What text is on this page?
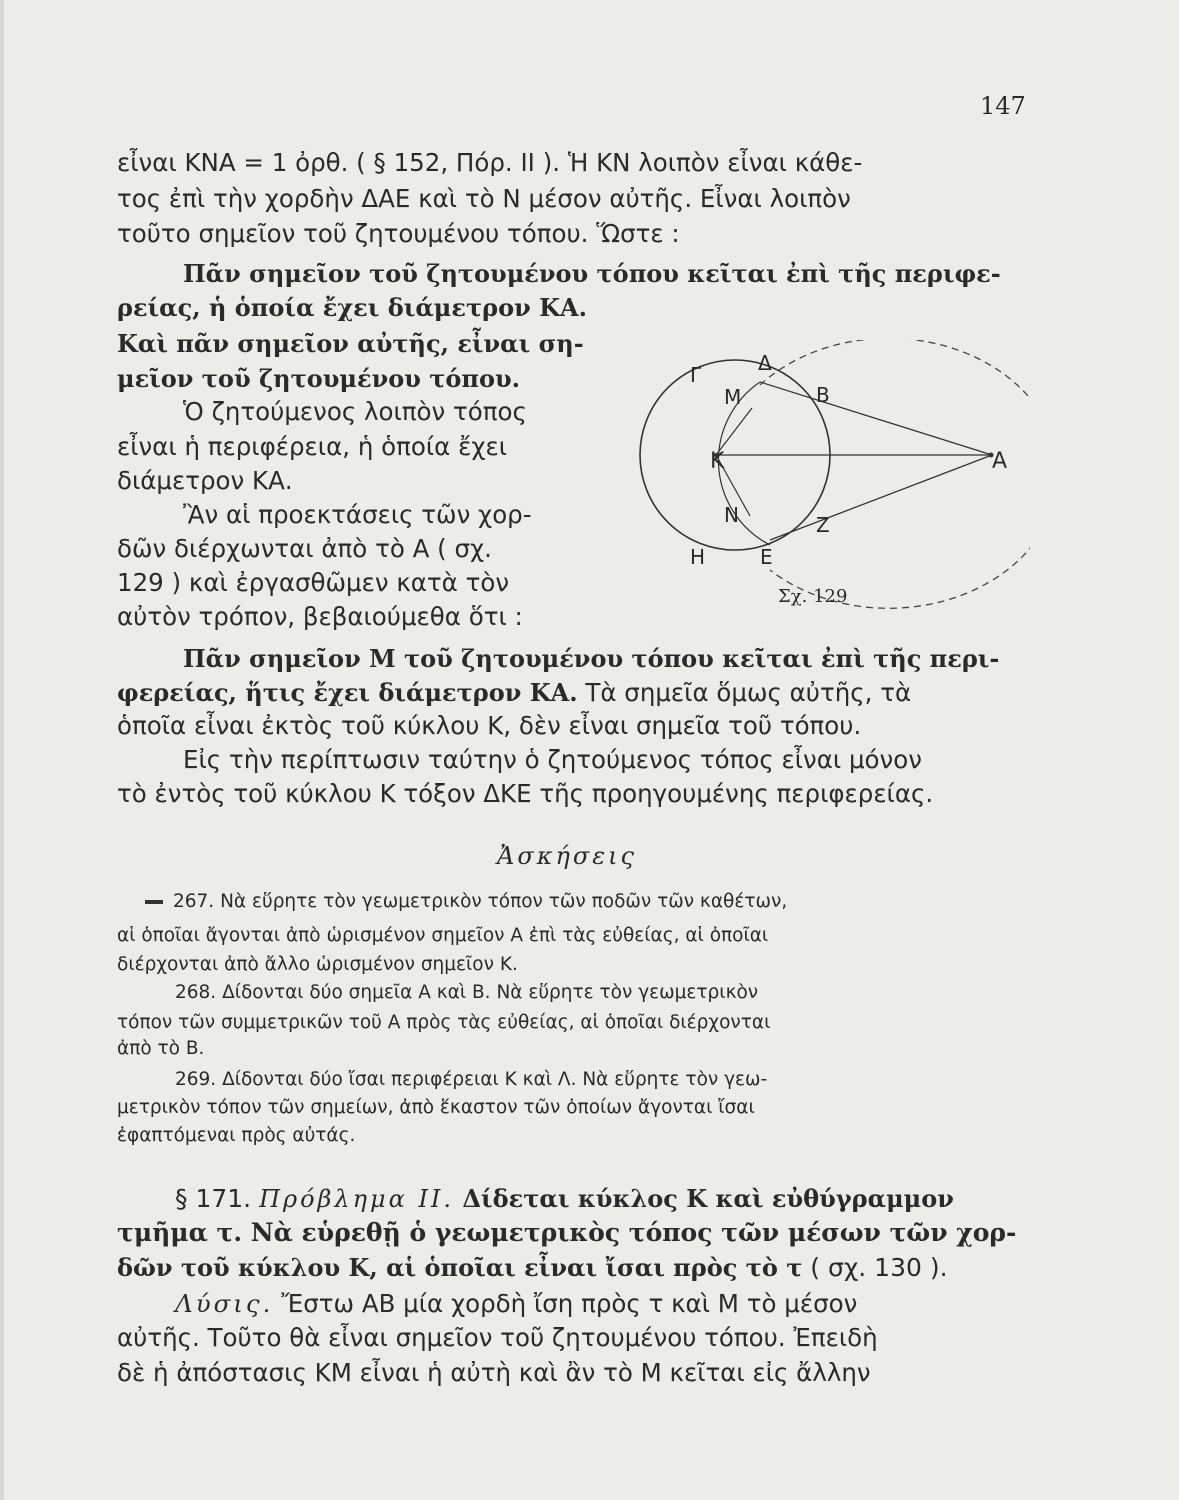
147
εἶναι KNA = 1 ὀρθ. ( § 152, Πόρ. II ). Ἡ ΚΝ λοιπὸν εἶναι κάθε-
τος ἐπὶ τὴν χορδὴν ΔΑΕ καὶ τὸ Ν μέσον αὐτῆς. Εἶναι λοιπὸν
τοῦτο σημεῖον τοῦ ζητουμένου τόπου. Ὥστε :
Πᾶν σημεῖον τοῦ ζητουμένου τόπου κεῖται ἐπὶ τῆς περιφε-
ρείας, ἡ ὁποία ἔχει διάμετρον ΚΑ.
Καὶ πᾶν σημεῖον αὐτῆς, εἶναι ση-
μεῖον τοῦ ζητουμένου τόπου.
Ὁ ζητούμενος λοιπὸν τόπος
εἶναι ἡ περιφέρεια, ἡ ὁποία ἔχει
διάμετρον ΚΑ.
Ἂν αἱ προεκτάσεις τῶν χορ-
δῶν διέρχωνται ἀπὸ τὸ Α ( σχ.
129 ) καὶ ἐργασθῶμεν κατὰ τὸν
αὐτὸν τρόπον, βεβαιούμεθα ὅτι :
Γ	Δ
Μ	Β
Κ	Α
Ν	Ζ
Η	Ε
Σχ. 129
Πᾶν σημεῖον Μ τοῦ ζητουμένου τόπου κεῖται ἐπὶ τῆς περι-
φερείας, ἥτις ἔχει διάμετρον ΚΑ. Τὰ σημεῖα ὅμως αὐτῆς, τὰ
ὁποῖα εἶναι ἐκτὸς τοῦ κύκλου Κ, δὲν εἶναι σημεῖα τοῦ τόπου.
Εἰς τὴν περίπτωσιν ταύτην ὁ ζητούμενος τόπος εἶναι μόνον
τὸ ἐντὸς τοῦ κύκλου Κ τόξον ΔΚΕ τῆς προηγουμένης περιφερείας.
Ἀσκήσεις
267. Νὰ εὕρητε τὸν γεωμετρικὸν τόπον τῶν ποδῶν τῶν καθέτων,
αἱ ὁποῖαι ἄγονται ἀπὸ ὡρισμένον σημεῖον Α ἐπὶ τὰς εὐθείας, αἱ ὁποῖαι
διέρχονται ἀπὸ ἄλλο ὡρισμένον σημεῖον Κ.
268. Δίδονται δύο σημεῖα Α καὶ Β. Νὰ εὕρητε τὸν γεωμετρικὸν
τόπον τῶν συμμετρικῶν τοῦ Α πρὸς τὰς εὐθείας, αἱ ὁποῖαι διέρχονται
ἀπὸ τὸ Β.
269. Δίδονται δύο ἴσαι περιφέρειαι Κ καὶ Λ. Νὰ εὕρητε τὸν γεω-
μετρικὸν τόπον τῶν σημείων, ἀπὸ ἕκαστον τῶν ὁποίων ἄγονται ἴσαι
ἐφαπτόμεναι πρὸς αὐτάς.
§ 171. Πρόβλημα ΙΙ. Δίδεται κύκλος Κ καὶ εὐθύγραμμον
τμῆμα τ. Νὰ εὑρεθῇ ὁ γεωμετρικὸς τόπος τῶν μέσων τῶν χορ-
δῶν τοῦ κύκλου Κ, αἱ ὁποῖαι εἶναι ἴσαι πρὸς τὸ τ ( σχ. 130 ).
Λύσις. Ἔστω ΑΒ μία χορδὴ ἴση πρὸς τ καὶ Μ τὸ μέσον
αὐτῆς. Τοῦτο θὰ εἶναι σημεῖον τοῦ ζητουμένου τόπου. Ἐπειδὴ
δὲ ἡ ἀπόστασις ΚΜ εἶναι ἡ αὐτὴ καὶ ἂν τὸ Μ κεῖται εἰς ἄλλην
